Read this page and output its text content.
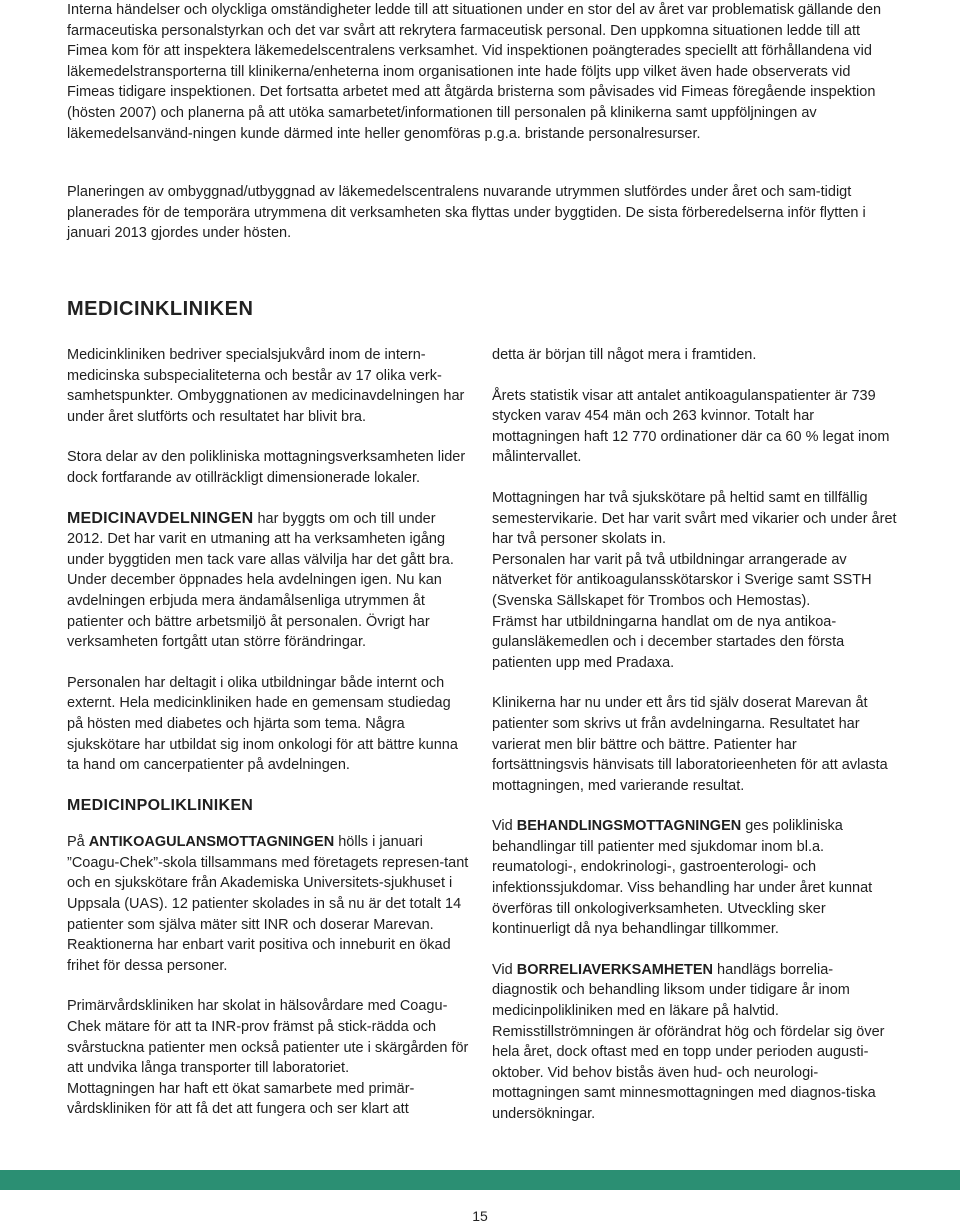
Interna händelser och olyckliga omständigheter ledde till att situationen under en stor del av året var problematisk gällande den farmaceutiska personalstyrkan och det var svårt att rekrytera farmaceutisk personal. Den uppkomna situationen ledde till att Fimea kom för att inspektera läkemedelscentralens verksamhet. Vid inspektionen poängterades speciellt att förhållandena vid läkemedelstransporterna till klinikerna/enheterna inom organisationen inte hade följts upp vilket även hade observerats vid Fimeas tidigare inspektionen. Det fortsatta arbetet med att åtgärda bristerna som påvisades vid Fimeas föregående inspektion (hösten 2007) och planerna på att utöka samarbetet/informationen till personalen på klinikerna samt uppföljningen av läkemedelsanvänd-ningen kunde därmed inte heller genomföras p.g.a. bristande personalresurser.

Planeringen av ombyggnad/utbyggnad av läkemedelscentralens nuvarande utrymmen slutfördes under året och sam-tidigt planerades för de temporära utrymmena dit verksamheten ska flyttas under byggtiden. De sista förberedelserna inför flytten i januari 2013 gjordes under hösten.

MEDICINKLINIKEN

Medicinkliniken bedriver specialsjukvård inom de intern-medicinska subspecialiteterna och består av 17 olika verk-samhetspunkter. Ombyggnationen av medicinavdelningen har under året slutförts och resultatet har blivit bra.

Stora delar av den polikliniska mottagningsverksamheten lider dock fortfarande av otillräckligt dimensionerade lokaler.

MEDICINAVDELNINGEN har byggts om och till under 2012. Det har varit en utmaning att ha verksamheten igång under byggtiden men tack vare allas välvilja har det gått bra. Under december öppnades hela avdelningen igen. Nu kan avdelningen erbjuda mera ändamålsenliga utrymmen åt patienter och bättre arbetsmiljö åt personalen. Övrigt har verksamheten fortgått utan större förändringar.

Personalen har deltagit i olika utbildningar både internt och externt. Hela medicinkliniken hade en gemensam studiedag på hösten med diabetes och hjärta som tema. Några sjukskötare har utbildat sig inom onkologi för att bättre kunna ta hand om cancerpatienter på avdelningen.

MEDICINPOLIKLINIKEN

På ANTIKOAGULANSMOTTAGNINGEN hölls i januari ”Coagu-Chek”-skola tillsammans med företagets represen-tant och en sjukskötare från Akademiska Universitets-sjukhuset i Uppsala (UAS). 12 patienter skolades in så nu är det totalt 14 patienter som själva mäter sitt INR och doserar Marevan. Reaktionerna har enbart varit positiva och inneburit en ökad frihet för dessa personer.

Primärvårdskliniken har skolat in hälsovårdare med Coagu-Chek mätare för att ta INR-prov främst på stick-rädda och svårstuckna patienter men också patienter ute i skärgården för att undvika långa transporter till laboratoriet.

Mottagningen har haft ett ökat samarbete med primär-vårdskliniken för att få det att fungera och ser klart att

detta är början till något mera i framtiden.

Årets statistik visar att antalet antikoagulanspatienter är 739 stycken varav 454 män och 263 kvinnor. Totalt har mottagningen haft 12 770 ordinationer där ca 60 % legat inom målintervallet.

Mottagningen har två sjukskötare på heltid samt en tillfällig semestervikarie. Det har varit svårt med vikarier och under året har två personer skolats in.

Personalen har varit på två utbildningar arrangerade av nätverket för antikoagulansskötarskor i Sverige samt SSTH (Svenska Sällskapet för Trombos och Hemostas).

Främst har utbildningarna handlat om de nya antikoa-gulansläkemedlen och i december startades den första patienten upp med Pradaxa.

Klinikerna har nu under ett års tid själv doserat Marevan åt patienter som skrivs ut från avdelningarna. Resultatet har varierat men blir bättre och bättre. Patienter har fortsättningsvis hänvisats till laboratorieenheten för att avlasta mottagningen, med varierande resultat.

Vid BEHANDLINGSMOTTAGNINGEN ges polikliniska behandlingar till patienter med sjukdomar inom bl.a. reumatologi-, endokrinologi-, gastroenterologi- och infektionssjukdomar. Viss behandling har under året kunnat överföras till onkologiverksamheten. Utveckling sker kontinuerligt då nya behandlingar tillkommer.

Vid BORRELIAVERKSAMHETEN handlägs borrelia-diagnostik och behandling liksom under tidigare år inom medicinpolikliniken med en läkare på halvtid. Remisstillströmningen är oförändrat hög och fördelar sig över hela året, dock oftast med en topp under perioden augusti-oktober. Vid behov bistås även hud- och neurologi-mottagningen samt minnesmottagningen med diagnos-tiska undersökningar.

15
